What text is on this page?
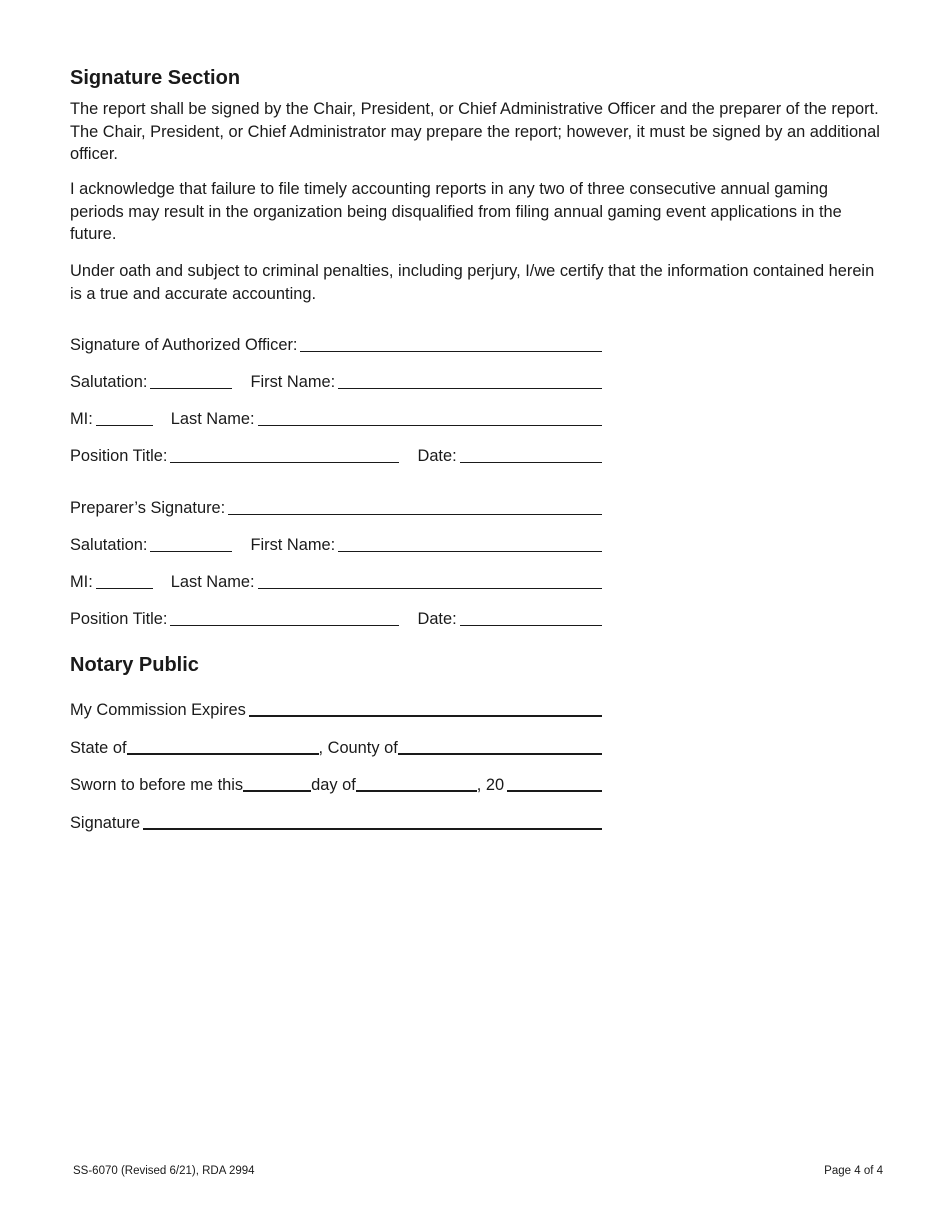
Signature Section

The report shall be signed by the Chair, President, or Chief Administrative Officer and the preparer of the report. The Chair, President, or Chief Administrator may prepare the report; however, it must be signed by an additional officer.

I acknowledge that failure to file timely accounting reports in any two of three consecutive annual gaming periods may result in the organization being disqualified from filing annual gaming event applications in the future.

Under oath and subject to criminal penalties, including perjury, I/we certify that the information contained herein is a true and accurate accounting.

Signature of Authorized Officer:
Salutation:	First Name:
MI:	Last Name:
Position Title:	Date:
Preparer’s Signature:
Salutation:	First Name:
MI:	Last Name:
Position Title:	Date:
Notary Public
My Commission Expires
State of	, County of
Sworn to before me this	day of	, 20
Signature
SS-6070 (Revised 6/21), RDA 2994	Page 4 of 4
